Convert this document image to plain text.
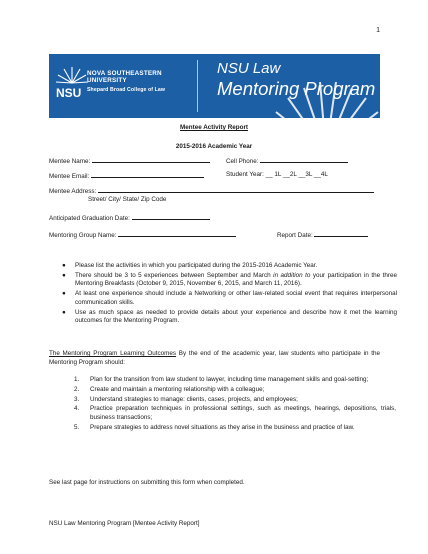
1
NSU
NOVA SOUTHEASTERN
UNIVERSITY
Shepard Broad College of Law
NSU Law
Mentoring Program
Mentee Activity Report
2015-2016 Academic Year
Mentee Name:	Cell Phone:
Mentee Email:	Student Year: __ 1L __2L __3L __4L
Mentee Address:
Street/ City/ State/ Zip Code
Anticipated Graduation Date:
Mentoring Group Name:	Report Date:
● Please list the activities in which you participated during the 2015-2016 Academic Year.
● There should be 3 to 5 experiences between September and March in addition to your participation in the three Mentoring Breakfasts (October 9, 2015, November 6, 2015, and March 11, 2016).
● At least one experience should include a Networking or other law-related social event that requires interpersonal communication skills.
● Use as much space as needed to provide details about your experience and describe how it met the learning outcomes for the Mentoring Program.
The Mentoring Program Learning Outcomes By the end of the academic year, law students who participate in the Mentoring Program should:
1. Plan for the transition from law student to lawyer, including time management skills and goal-setting;
2. Create and maintain a mentoring relationship with a colleague;
3. Understand strategies to manage: clients, cases, projects, and employees;
4. Practice preparation techniques in professional settings, such as meetings, hearings, depositions, trials, business transactions;
5. Prepare strategies to address novel situations as they arise in the business and practice of law.
See last page for instructions on submitting this form when completed.
NSU Law Mentoring Program [Mentee Activity Report]
